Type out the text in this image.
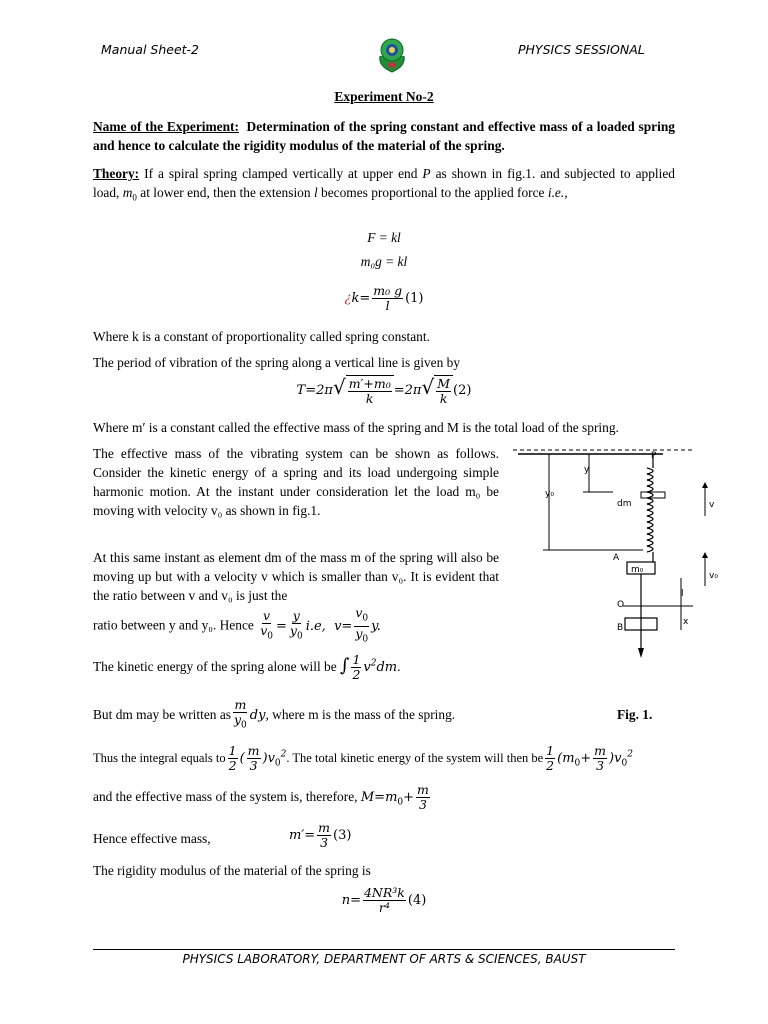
Manual Sheet-2	PHYSICS SESSIONAL
Experiment No-2
Name of the Experiment: Determination of the spring constant and effective mass of a loaded spring and hence to calculate the rigidity modulus of the material of the spring.
Theory: If a spiral spring clamped vertically at upper end P as shown in fig.1. and subjected to applied load, $m_0$ at lower end, then the extension l becomes proportional to the applied force i.e.,
F = kl
m₀g = kl
¿$k= \frac{\text{m₀ g}}{l} (1)$
Where k is a constant of proportionality called spring constant.
The period of vibration of the spring along a vertical line is given by
$T=2\pi√ \frac{\text{m′+m₀}}{k} =2\pi√ \frac{M}{k} (2)$
Where m′ is a constant called the effective mass of the spring and M is the total load of the spring.
The effective mass of the vibrating system can be shown as follows. Consider the kinetic energy of a spring and its load undergoing simple harmonic motion. At the instant under consideration let the load m₀ be moving with velocity v₀ as shown in fig.1.
At this same instant as element dm of the mass m of the spring will also be moving up but with a velocity v which is smaller than v₀. It is evident that the ratio between v and v₀ is just the
ratio between y and y₀. Hence $\frac{v}{v_0} = \frac{y}{y_0} i.e$,  $v= \frac{v_0}{y_0} y$.
The kinetic energy of the spring alone will be ∫ $\frac{1}{2} v^2dm$.
But dm may be written as $\frac{m}{y_0}$ dy, where m is the mass of the spring.	Fig. 1.
Thus the integral equals to $\frac{1}{2}$ ( $\frac{m}{3} )v_0^2$. The total kinetic energy of the system will then be $\frac{1}{2} (m_0+ \frac{m}{3} )v_0^2$
and the effective mass of the system is, therefore, $M=m_0+ \frac{m}{3}$
Hence effective mass,	$m'= \frac{m}{3} (3)$
The rigidity modulus of the material of the spring is
$n= \frac{\text{4NR³k}}{\text{r⁴}} (4)$
P
y
y₀
dm	v
A
m₀
v₀
l
O
B
x
PHYSICS LABORATORY, DEPARTMENT OF ARTS & SCIENCES, BAUST
